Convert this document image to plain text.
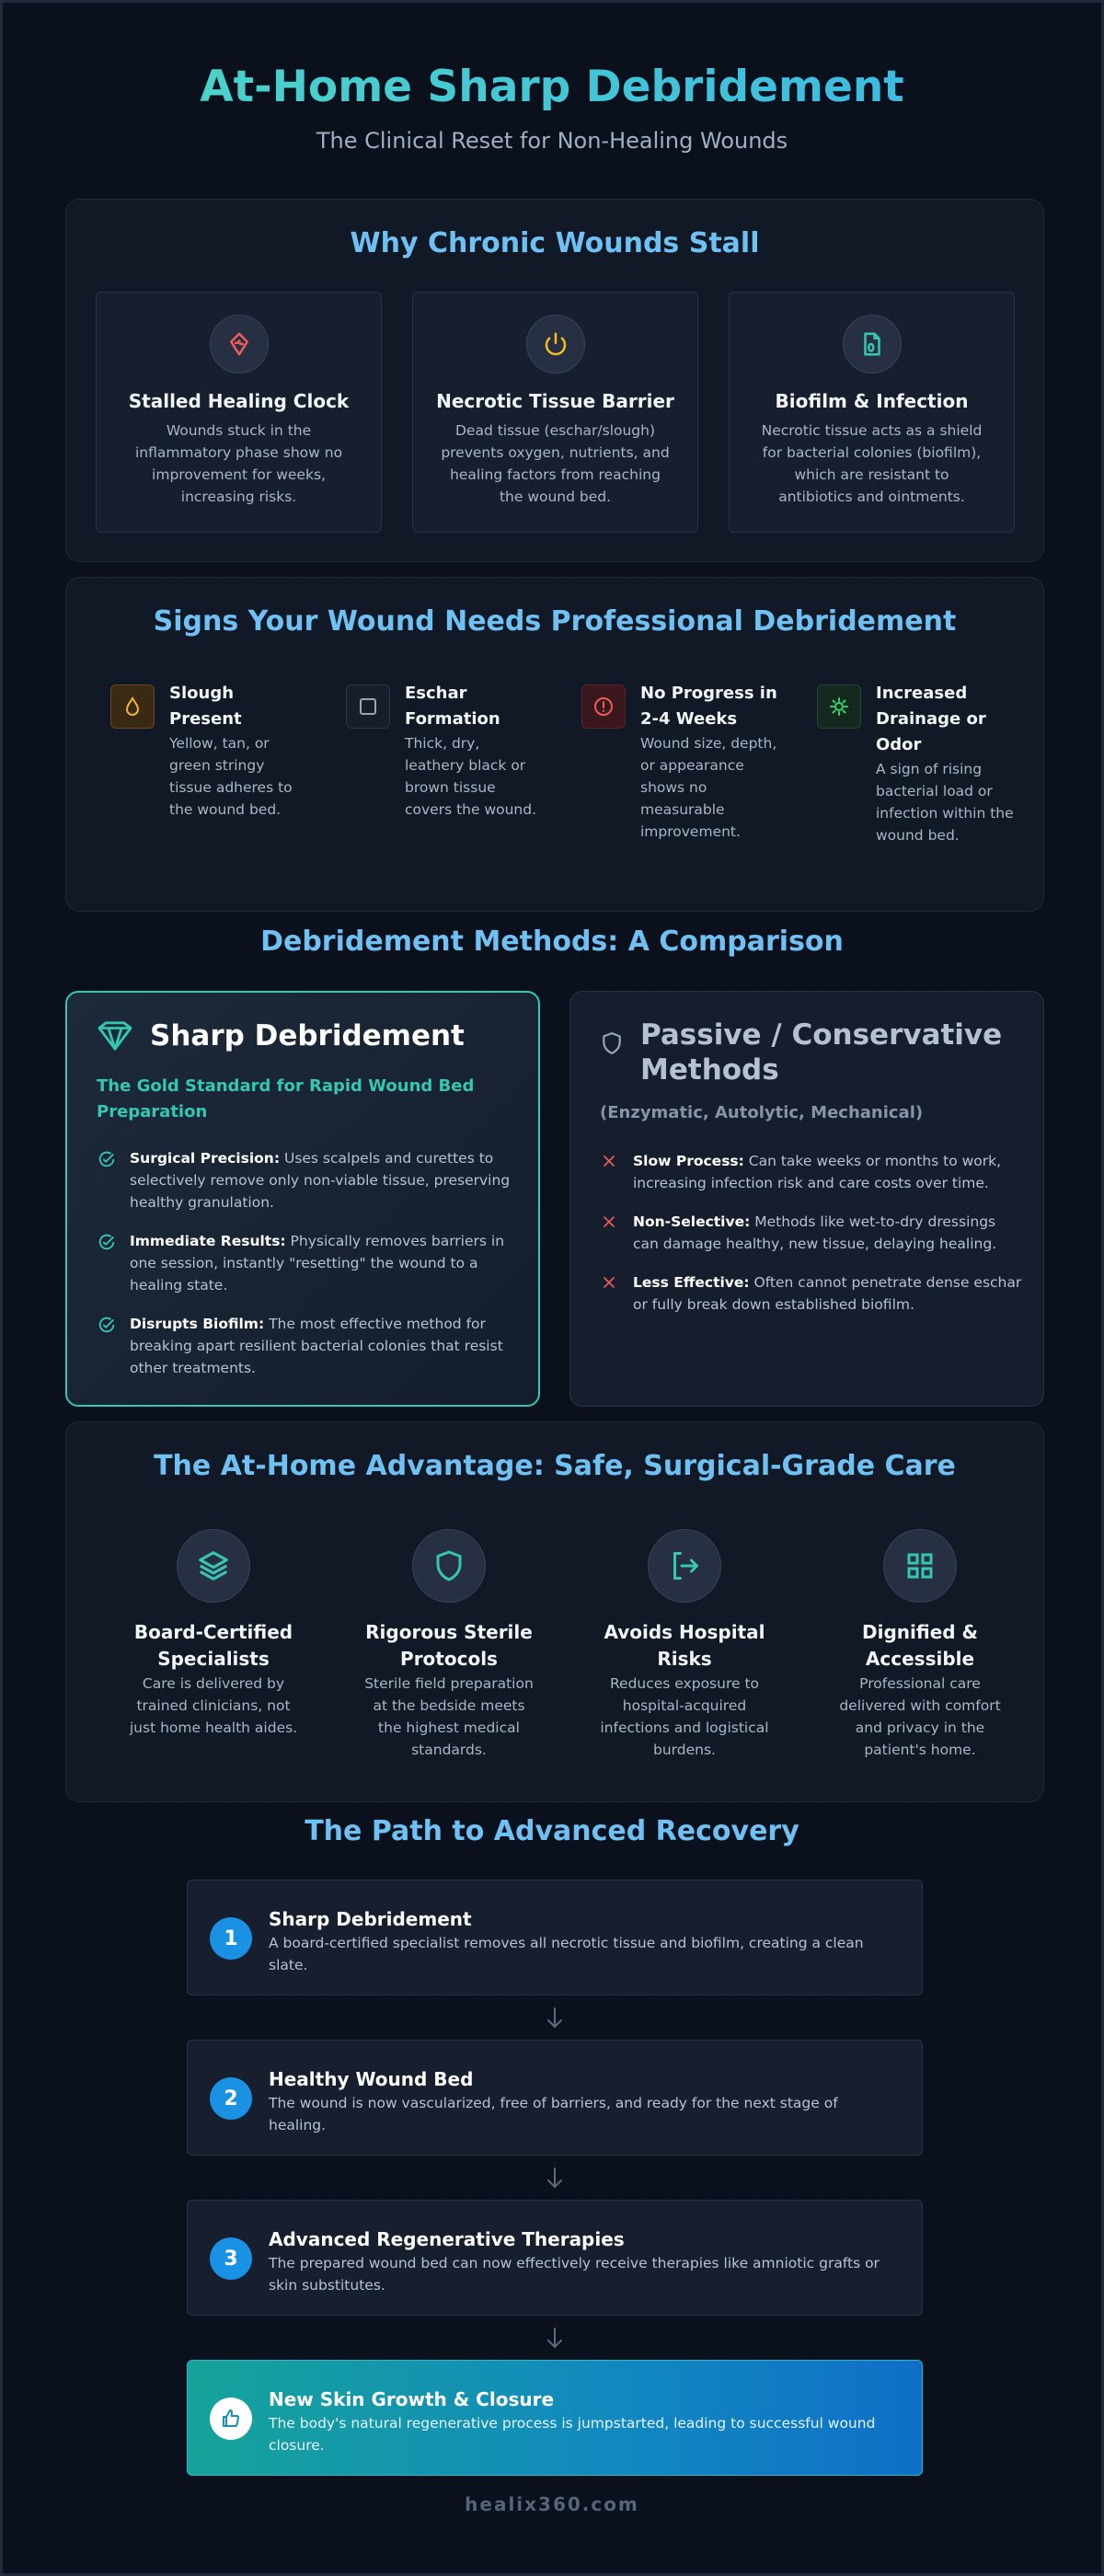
At-Home Sharp Debridement
The Clinical Reset for Non-Healing Wounds
Why Chronic Wounds Stall
Stalled Healing Clock

Wounds stuck in the inflammatory phase show no improvement for weeks, increasing risks.

Necrotic Tissue Barrier

Dead tissue (eschar/slough) prevents oxygen, nutrients, and healing factors from reaching the wound bed.

Biofilm & Infection

Necrotic tissue acts as a shield for bacterial colonies (biofilm), which are resistant to antibiotics and ointments.

Signs Your Wound Needs Professional Debridement
Slough Present

Yellow, tan, or green stringy tissue adheres to the wound bed.

Eschar Formation

Thick, dry, leathery black or brown tissue covers the wound.

No Progress in 2-4 Weeks

Wound size, depth, or appearance shows no measurable improvement.

Increased Drainage or Odor

A sign of rising bacterial load or infection within the wound bed.

Debridement Methods: A Comparison
Sharp Debridement
The Gold Standard for Rapid Wound Bed Preparation

Surgical Precision: Uses scalpels and curettes to selectively remove only non-viable tissue, preserving healthy granulation.

Immediate Results: Physically removes barriers in one session, instantly "resetting" the wound to a healing state.

Disrupts Biofilm: The most effective method for breaking apart resilient bacterial colonies that resist other treatments.

Passive / Conservative Methods
(Enzymatic, Autolytic, Mechanical)

Slow Process: Can take weeks or months to work, increasing infection risk and care costs over time.

Non-Selective: Methods like wet-to-dry dressings can damage healthy, new tissue, delaying healing.

Less Effective: Often cannot penetrate dense eschar or fully break down established biofilm.

The At-Home Advantage: Safe, Surgical-Grade Care
Board-Certified Specialists

Care is delivered by trained clinicians, not just home health aides.

Rigorous Sterile Protocols

Sterile field preparation at the bedside meets the highest medical standards.

Avoids Hospital Risks

Reduces exposure to hospital-acquired infections and logistical burdens.

Dignified & Accessible

Professional care delivered with comfort and privacy in the patient's home.

The Path to Advanced Recovery
1
Sharp Debridement

A board-certified specialist removes all necrotic tissue and biofilm, creating a clean slate.

2
Healthy Wound Bed

The wound is now vascularized, free of barriers, and ready for the next stage of healing.

3
Advanced Regenerative Therapies

The prepared wound bed can now effectively receive therapies like amniotic grafts or skin substitutes.

New Skin Growth & Closure

The body's natural regenerative process is jumpstarted, leading to successful wound closure.

healix360.com
